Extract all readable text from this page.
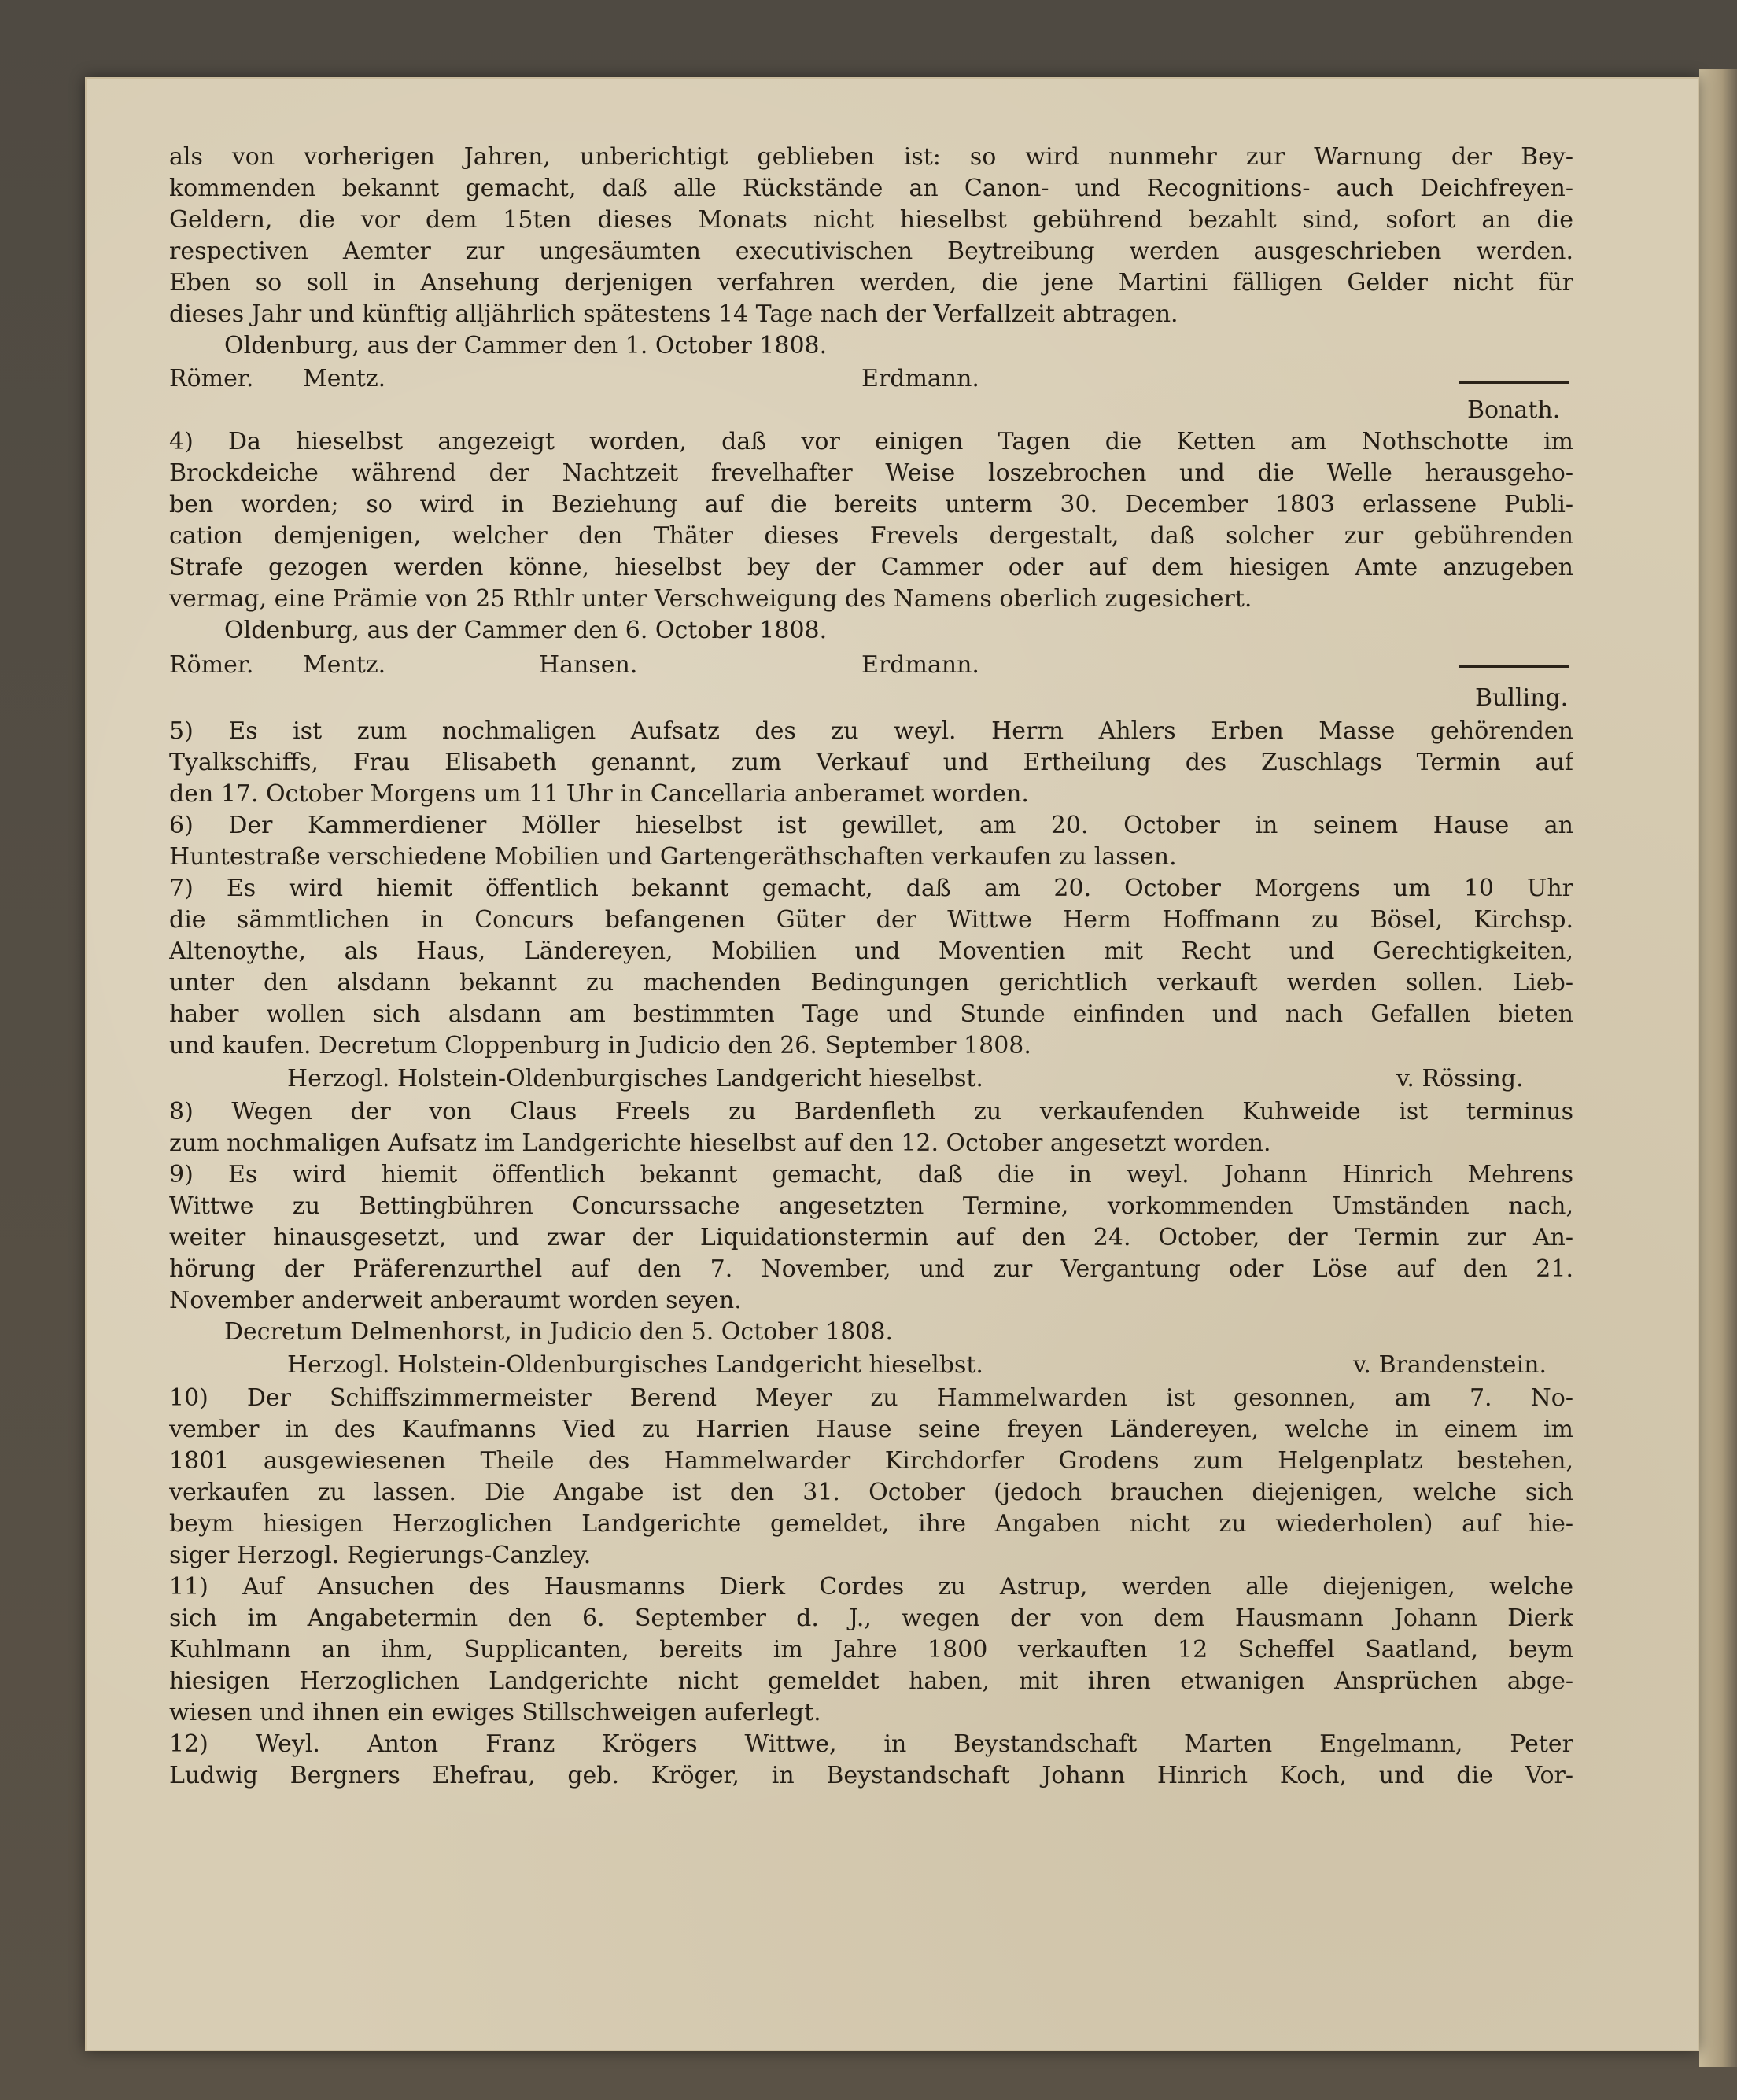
als von vorherigen Jahren, unberichtigt geblieben ist: so wird nunmehr zur Warnung der Bey-
kommenden bekannt gemacht, daß alle Rückstände an Canon- und Recognitions- auch Deichfreyen-
Geldern, die vor dem 15ten dieses Monats nicht hieselbst gebührend bezahlt sind, sofort an die
respectiven Aemter zur ungesäumten executivischen Beytreibung werden ausgeschrieben werden.
Eben so soll in Ansehung derjenigen verfahren werden, die jene Martini fälligen Gelder nicht für
dieses Jahr und künftig alljährlich spätestens 14 Tage nach der Verfallzeit abtragen.
Oldenburg, aus der Cammer den 1. October 1808.
Römer. Mentz.	Erdmann.
Bonath.
4) Da hieselbst angezeigt worden, daß vor einigen Tagen die Ketten am Nothschotte im
Brockdeiche während der Nachtzeit frevelhafter Weise loszebrochen und die Welle herausgeho-
ben worden; so wird in Beziehung auf die bereits unterm 30. December 1803 erlassene Publi-
cation demjenigen, welcher den Thäter dieses Frevels dergestalt, daß solcher zur gebührenden
Strafe gezogen werden könne, hieselbst bey der Cammer oder auf dem hiesigen Amte anzugeben
vermag, eine Prämie von 25 Rthlr unter Verschweigung des Namens oberlich zugesichert.
Oldenburg, aus der Cammer den 6. October 1808.
Römer. Mentz.	Hansen.	Erdmann.
Bulling.
5) Es ist zum nochmaligen Aufsatz des zu weyl. Herrn Ahlers Erben Masse gehörenden
Tyalkschiffs, Frau Elisabeth genannt, zum Verkauf und Ertheilung des Zuschlags Termin auf
den 17. October Morgens um 11 Uhr in Cancellaria anberamet worden.
6) Der Kammerdiener Möller hieselbst ist gewillet, am 20. October in seinem Hause an
Huntestraße verschiedene Mobilien und Gartengeräthschaften verkaufen zu lassen.
7) Es wird hiemit öffentlich bekannt gemacht, daß am 20. October Morgens um 10 Uhr
die sämmtlichen in Concurs befangenen Güter der Wittwe Herm Hoffmann zu Bösel, Kirchsp.
Altenoythe, als Haus, Ländereyen, Mobilien und Moventien mit Recht und Gerechtigkeiten,
unter den alsdann bekannt zu machenden Bedingungen gerichtlich verkauft werden sollen. Lieb-
haber wollen sich alsdann am bestimmten Tage und Stunde einfinden und nach Gefallen bieten
und kaufen. Decretum Cloppenburg in Judicio den 26. September 1808.
Herzogl. Holstein-Oldenburgisches Landgericht hieselbst.	v. Rössing.
8) Wegen der von Claus Freels zu Bardenfleth zu verkaufenden Kuhweide ist terminus
zum nochmaligen Aufsatz im Landgerichte hieselbst auf den 12. October angesetzt worden.
9) Es wird hiemit öffentlich bekannt gemacht, daß die in weyl. Johann Hinrich Mehrens
Wittwe zu Bettingbühren Concurssache angesetzten Termine, vorkommenden Umständen nach,
weiter hinausgesetzt, und zwar der Liquidationstermin auf den 24. October, der Termin zur An-
hörung der Präferenzurthel auf den 7. November, und zur Vergantung oder Löse auf den 21.
November anderweit anberaumt worden seyen.
Decretum Delmenhorst, in Judicio den 5. October 1808.
Herzogl. Holstein-Oldenburgisches Landgericht hieselbst.	v. Brandenstein.
10) Der Schiffszimmermeister Berend Meyer zu Hammelwarden ist gesonnen, am 7. No-
vember in des Kaufmanns Vied zu Harrien Hause seine freyen Ländereyen, welche in einem im
1801 ausgewiesenen Theile des Hammelwarder Kirchdorfer Grodens zum Helgenplatz bestehen,
verkaufen zu lassen. Die Angabe ist den 31. October (jedoch brauchen diejenigen, welche sich
beym hiesigen Herzoglichen Landgerichte gemeldet, ihre Angaben nicht zu wiederholen) auf hie-
siger Herzogl. Regierungs-Canzley.
11) Auf Ansuchen des Hausmanns Dierk Cordes zu Astrup, werden alle diejenigen, welche
sich im Angabetermin den 6. September d. J., wegen der von dem Hausmann Johann Dierk
Kuhlmann an ihm, Supplicanten, bereits im Jahre 1800 verkauften 12 Scheffel Saatland, beym
hiesigen Herzoglichen Landgerichte nicht gemeldet haben, mit ihren etwanigen Ansprüchen abge-
wiesen und ihnen ein ewiges Stillschweigen auferlegt.
12) Weyl. Anton Franz Krögers Wittwe, in Beystandschaft Marten Engelmann, Peter
Ludwig Bergners Ehefrau, geb. Kröger, in Beystandschaft Johann Hinrich Koch, und die Vor-
